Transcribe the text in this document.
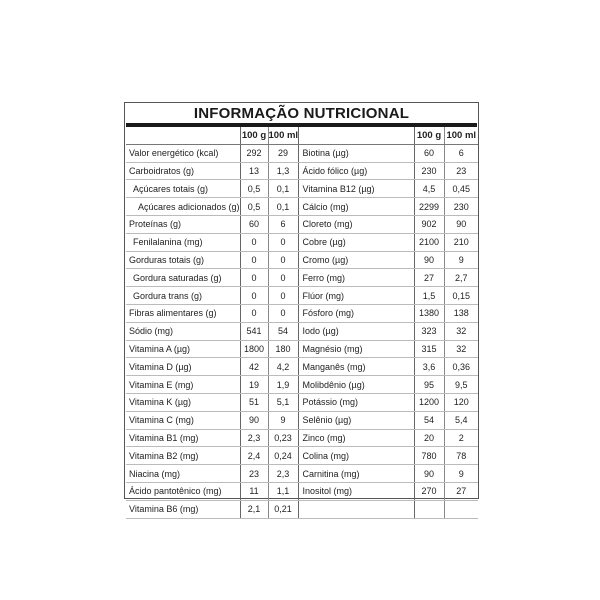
INFORMAÇÃO NUTRICIONAL
	100 g	100 ml		100 g	100 ml
Valor energético (kcal)	292	29	Biotina (µg)	60	6
Carboidratos (g)	13	1,3	Ácido fólico (µg)	230	23
Açúcares totais (g)	0,5	0,1	Vitamina B12 (µg)	4,5	0,45
Açúcares adicionados (g)	0,5	0,1	Cálcio (mg)	2299	230
Proteínas (g)	60	6	Cloreto (mg)	902	90
Fenilalanina (mg)	0	0	Cobre (µg)	2100	210
Gorduras totais (g)	0	0	Cromo (µg)	90	9
Gordura saturadas (g)	0	0	Ferro (mg)	27	2,7
Gordura trans (g)	0	0	Flúor (mg)	1,5	0,15
Fibras alimentares (g)	0	0	Fósforo (mg)	1380	138
Sódio (mg)	541	54	Iodo (µg)	323	32
Vitamina A (µg)	1800	180	Magnésio (mg)	315	32
Vitamina D (µg)	42	4,2	Manganês (mg)	3,6	0,36
Vitamina E (mg)	19	1,9	Molibdênio (µg)	95	9,5
Vitamina K (µg)	51	5,1	Potássio (mg)	1200	120
Vitamina C (mg)	90	9	Selênio (µg)	54	5,4
Vitamina B1 (mg)	2,3	0,23	Zinco (mg)	20	2
Vitamina B2 (mg)	2,4	0,24	Colina (mg)	780	78
Niacina (mg)	23	2,3	Carnitina (mg)	90	9
Ácido pantotênico (mg)	11	1,1	Inositol (mg)	270	27
Vitamina B6 (mg)	2,1	0,21			
